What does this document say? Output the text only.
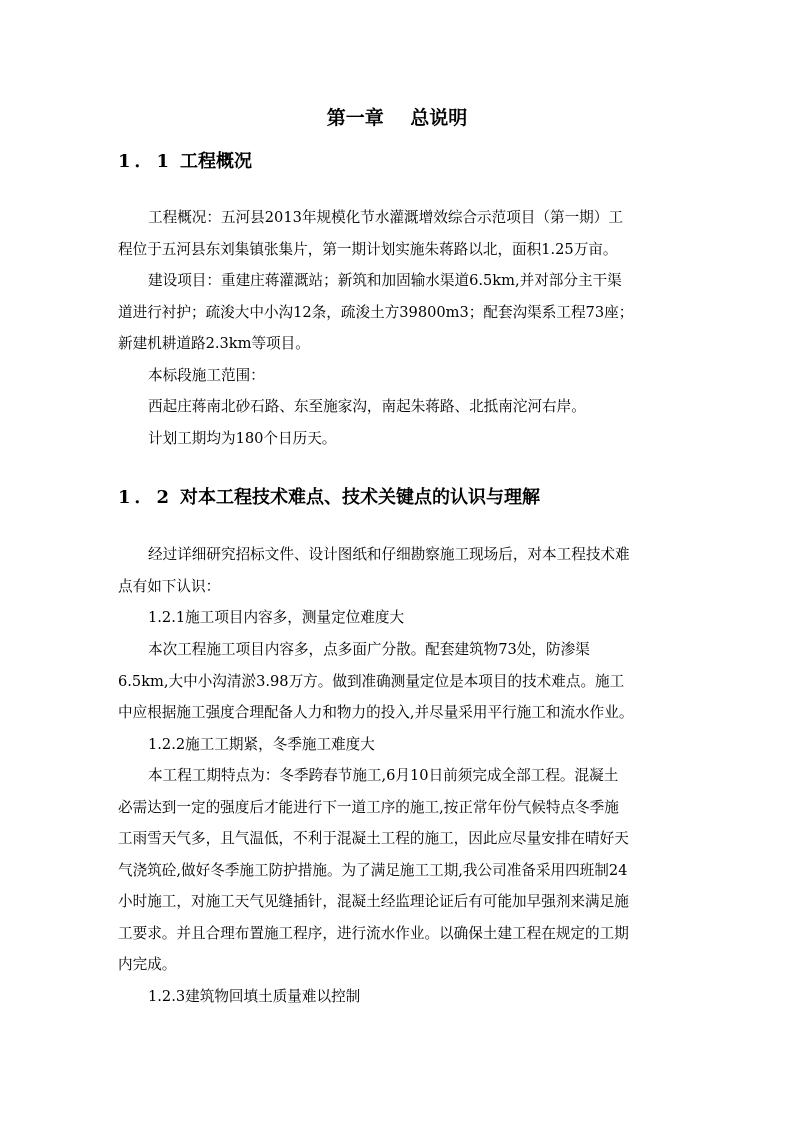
第一章    总说明
1．1 工程概况
工程概况：五河县2013年规模化节水灌溉增效综合示范项目（第一期）工
程位于五河县东刘集镇张集片，第一期计划实施朱蒋路以北，面积1.25万亩。
建设项目：重建庄蒋灌溉站；新筑和加固输水渠道6.5km,并对部分主干渠
道进行衬护；疏浚大中小沟12条，疏浚土方39800m3；配套沟渠系工程73座；
新建机耕道路2.3km等项目。

本标段施工范围：

西起庄蒋南北砂石路、东至施家沟，南起朱蒋路、北抵南沱河右岸。

计划工期均为180个日历天。

1．2 对本工程技术难点、技术关键点的认识与理解
经过详细研究招标文件、设计图纸和仔细勘察施工现场后，对本工程技术难
点有如下认识：

1.2.1施工项目内容多，测量定位难度大

本次工程施工项目内容多，点多面广分散。配套建筑物73处，防渗渠
6.5km,大中小沟清淤3.98万方。做到准确测量定位是本项目的技术难点。施工
中应根据施工强度合理配备人力和物力的投入,并尽量采用平行施工和流水作业。

1.2.2施工工期紧，冬季施工难度大

本工程工期特点为：冬季跨春节施工,6月10日前须完成全部工程。混凝土
必需达到一定的强度后才能进行下一道工序的施工,按正常年份气候特点冬季施
工雨雪天气多，且气温低，不利于混凝土工程的施工，因此应尽量安排在晴好天
气浇筑砼,做好冬季施工防护措施。为了满足施工工期,我公司准备采用四班制24
小时施工，对施工天气见缝插针，混凝土经监理论证后有可能加早强剂来满足施
工要求。并且合理布置施工程序，进行流水作业。以确保土建工程在规定的工期
内完成。

1.2.3建筑物回填土质量难以控制
